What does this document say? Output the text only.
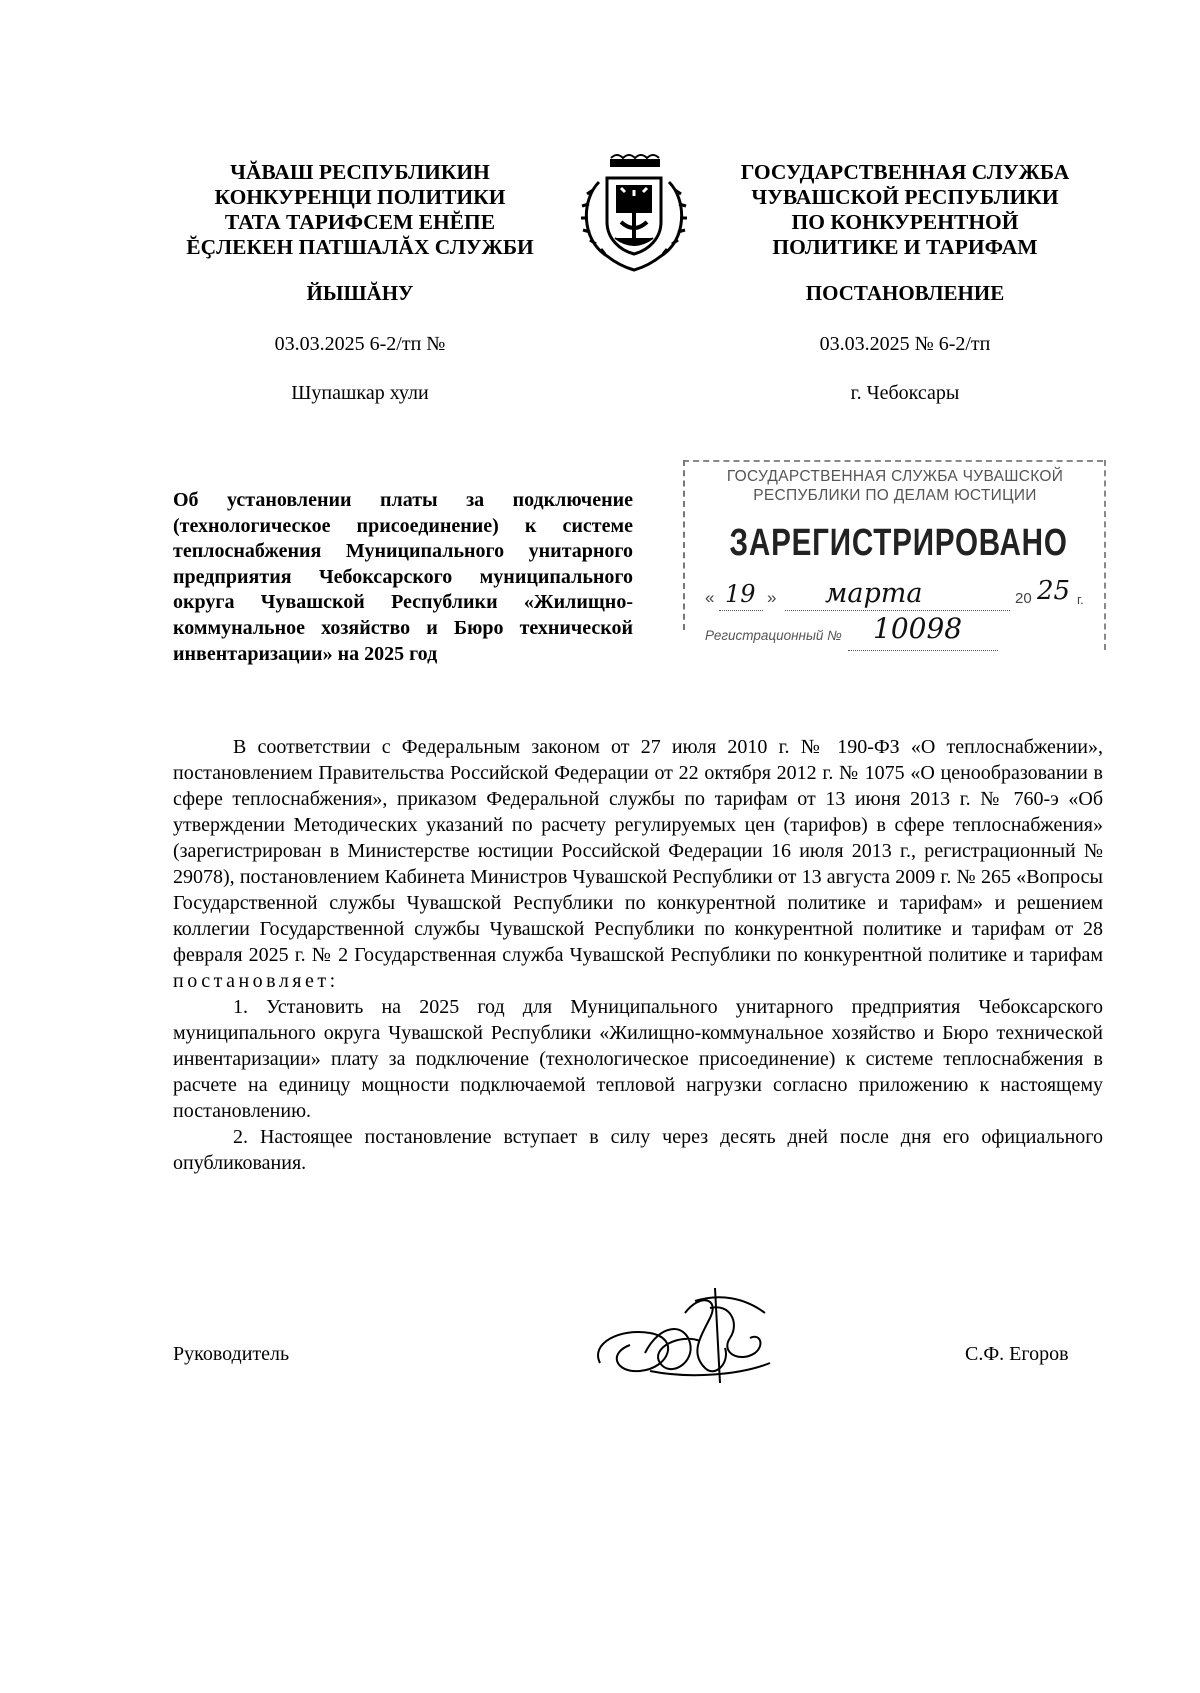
ЧĂВАШ РЕСПУБЛИКИН
КОНКУРЕНЦИ ПОЛИТИКИ
ТАТА ТАРИФСЕМ ЕНĔПЕ
ĔҪЛЕКЕН ПАТШАЛĂХ СЛУЖБИ
ЙЫШĂНУ
03.03.2025 6-2/тп №
Шупашкар хули
ГОСУДАРСТВЕННАЯ СЛУЖБА
ЧУВАШСКОЙ РЕСПУБЛИКИ
ПО КОНКУРЕНТНОЙ
ПОЛИТИКЕ И ТАРИФАМ
ПОСТАНОВЛЕНИЕ
03.03.2025 № 6-2/тп
г. Чебоксары
ГОСУДАРСТВЕННАЯ СЛУЖБА ЧУВАШСКОЙ
РЕСПУБЛИКИ ПО ДЕЛАМ ЮСТИЦИИ
ЗАРЕГИСТРИРОВАНО
« 19 » марта	20 25 г.
Регистрационный № 10098
Об установлении платы за подключение (технологическое присоединение) к системе теплоснабжения Муниципального унитарного предприятия Чебоксарского муниципального округа Чувашской Республики «Жилищно-коммунальное хозяйство и Бюро технической инвентаризации» на 2025 год

В соответствии с Федеральным законом от 27 июля 2010 г. № 190-ФЗ «О теплоснабжении», постановлением Правительства Российской Федерации от 22 октября 2012 г. № 1075 «О ценообразовании в сфере теплоснабжения», приказом Федеральной службы по тарифам от 13 июня 2013 г. № 760-э «Об утверждении Методических указаний по расчету регулируемых цен (тарифов) в сфере теплоснабжения» (зарегистрирован в Министерстве юстиции Российской Федерации 16 июля 2013 г., регистрационный № 29078), постановлением Кабинета Министров Чувашской Республики от 13 августа 2009 г. № 265 «Вопросы Государственной службы Чувашской Республики по конкурентной политике и тарифам» и решением коллегии Государственной службы Чувашской Республики по конкурентной политике и тарифам от 28 февраля 2025 г. № 2 Государственная служба Чувашской Республики по конкурентной политике и тарифам постановляет:

1. Установить на 2025 год для Муниципального унитарного предприятия Чебоксарского муниципального округа Чувашской Республики «Жилищно-коммунальное хозяйство и Бюро технической инвентаризации» плату за подключение (технологическое присоединение) к системе теплоснабжения в расчете на единицу мощности подключаемой тепловой нагрузки согласно приложению к настоящему постановлению.

2. Настоящее постановление вступает в силу через десять дней после дня его официального опубликования.

Руководитель	С.Ф. Егоров
